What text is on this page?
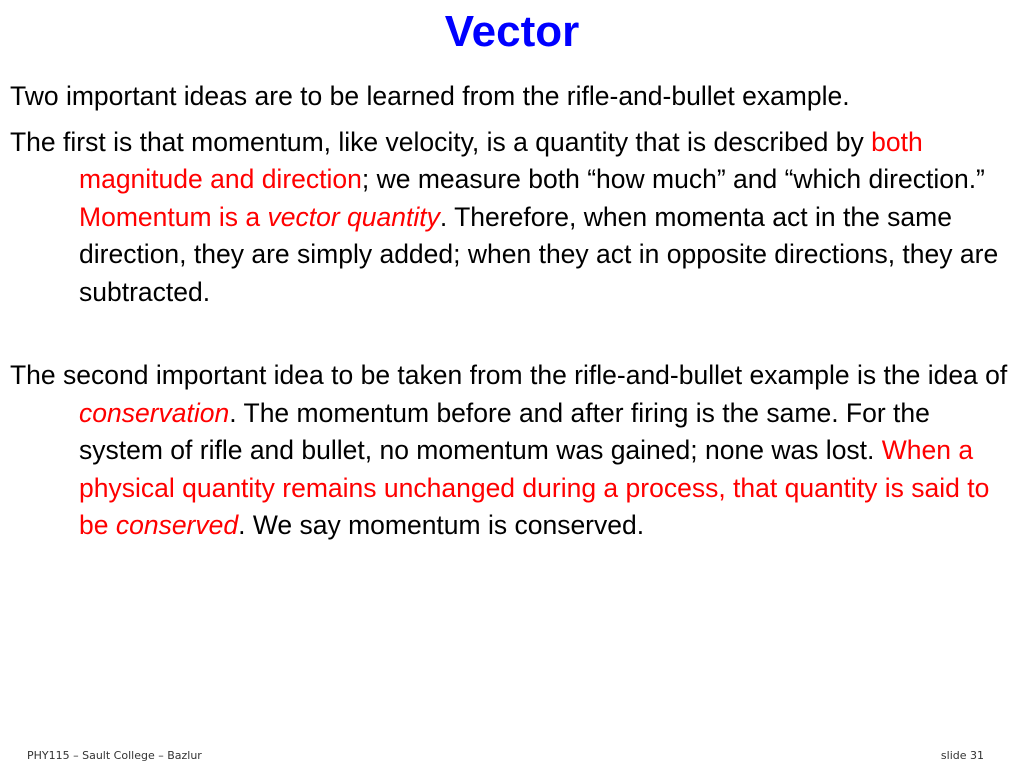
Vector

Two important ideas are to be learned from the rifle-and-bullet example.

The first is that momentum, like velocity, is a quantity that is described by both magnitude and direction; we measure both “how much” and “which direction.” Momentum is a vector quantity. Therefore, when momenta act in the same direction, they are simply added; when they act in opposite directions, they are subtracted.

The second important idea to be taken from the rifle-and-bullet example is the idea of conservation. The momentum before and after firing is the same. For the system of rifle and bullet, no momentum was gained; none was lost. When a physical quantity remains unchanged during a process, that quantity is said to be conserved. We say momentum is conserved.

PHY115 – Sault College – Bazlur	slide 31
